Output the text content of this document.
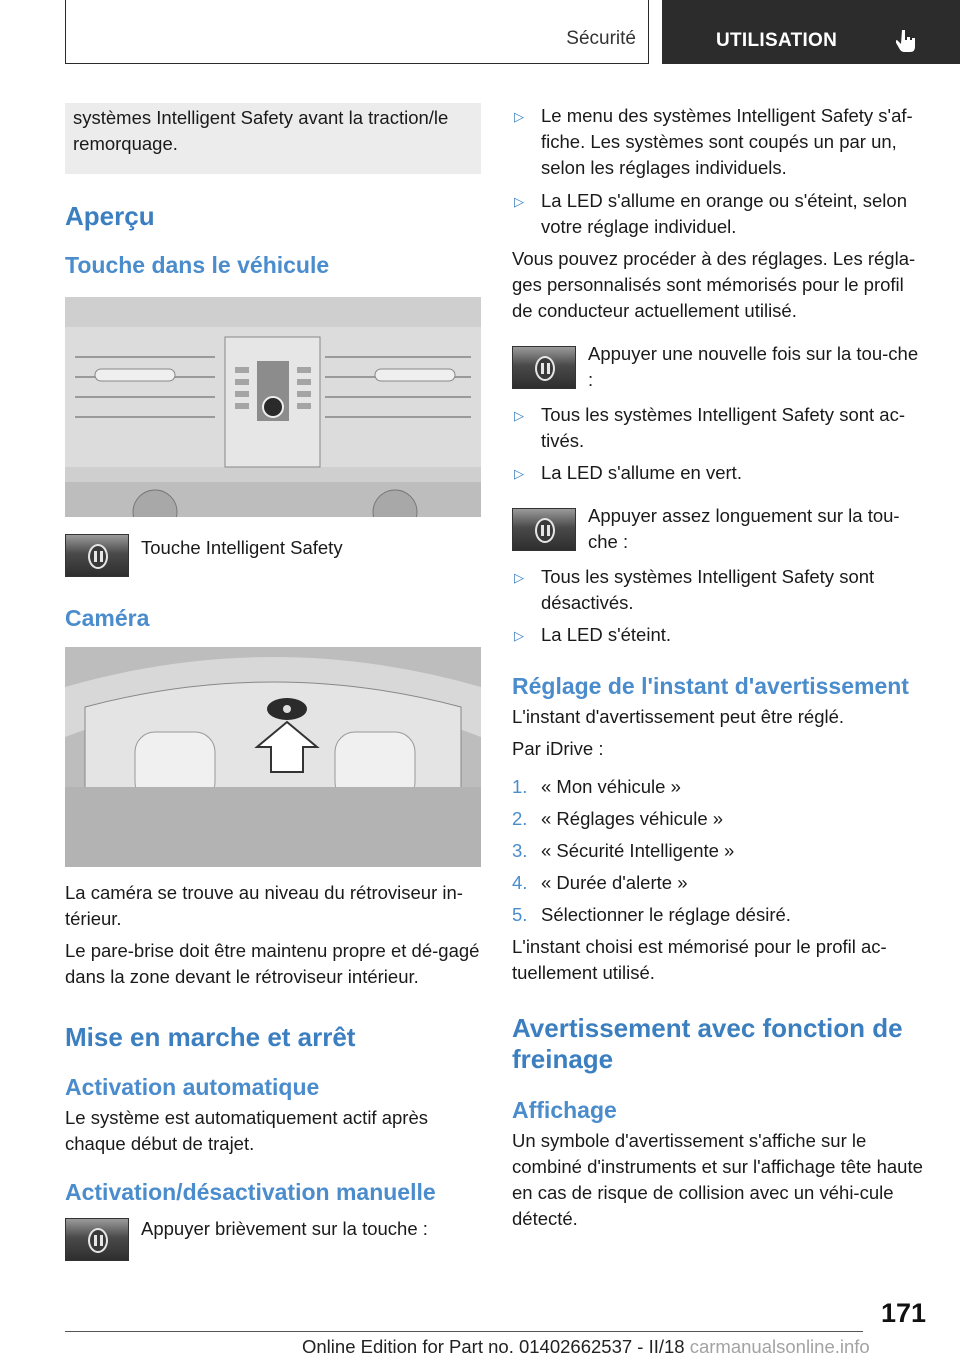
Sécurité	UTILISATION

systèmes Intelligent Safety avant la traction/le remorquage.

Aperçu
Touche dans le véhicule
Touche Intelligent Safety
Caméra

La caméra se trouve au niveau du rétroviseur in‐térieur.

Le pare-brise doit être maintenu propre et dé‐gagé dans la zone devant le rétroviseur intérieur.

Mise en marche et arrêt
Activation automatique

Le système est automatiquement actif après chaque début de trajet.

Activation/désactivation manuelle
Appuyer brièvement sur la touche :
▷ Le menu des systèmes Intelligent Safety s'af‐fiche. Les systèmes sont coupés un par un, selon les réglages individuels.
▷ La LED s'allume en orange ou s'éteint, selon votre réglage individuel.

Vous pouvez procéder à des réglages. Les régla‐ges personnalisés sont mémorisés pour le profil de conducteur actuellement utilisé.

Appuyer une nouvelle fois sur la tou‐che :
▷ Tous les systèmes Intelligent Safety sont ac‐tivés.
▷ La LED s'allume en vert.
Appuyer assez longuement sur la tou‐che :
▷ Tous les systèmes Intelligent Safety sont désactivés.
▷ La LED s'éteint.
Réglage de l'instant d'avertissement

L'instant d'avertissement peut être réglé.

Par iDrive :

1. « Mon véhicule »
2. « Réglages véhicule »
3. « Sécurité Intelligente »
4. « Durée d'alerte »
5. Sélectionner le réglage désiré.

L'instant choisi est mémorisé pour le profil ac‐tuellement utilisé.

Avertissement avec fonction de freinage
Affichage

Un symbole d'avertissement s'affiche sur le combiné d'instruments et sur l'affichage tête haute en cas de risque de collision avec un véhi‐cule détecté.

171
Online Edition for Part no. 01402662537 - II/18 carmanualsonline.info
